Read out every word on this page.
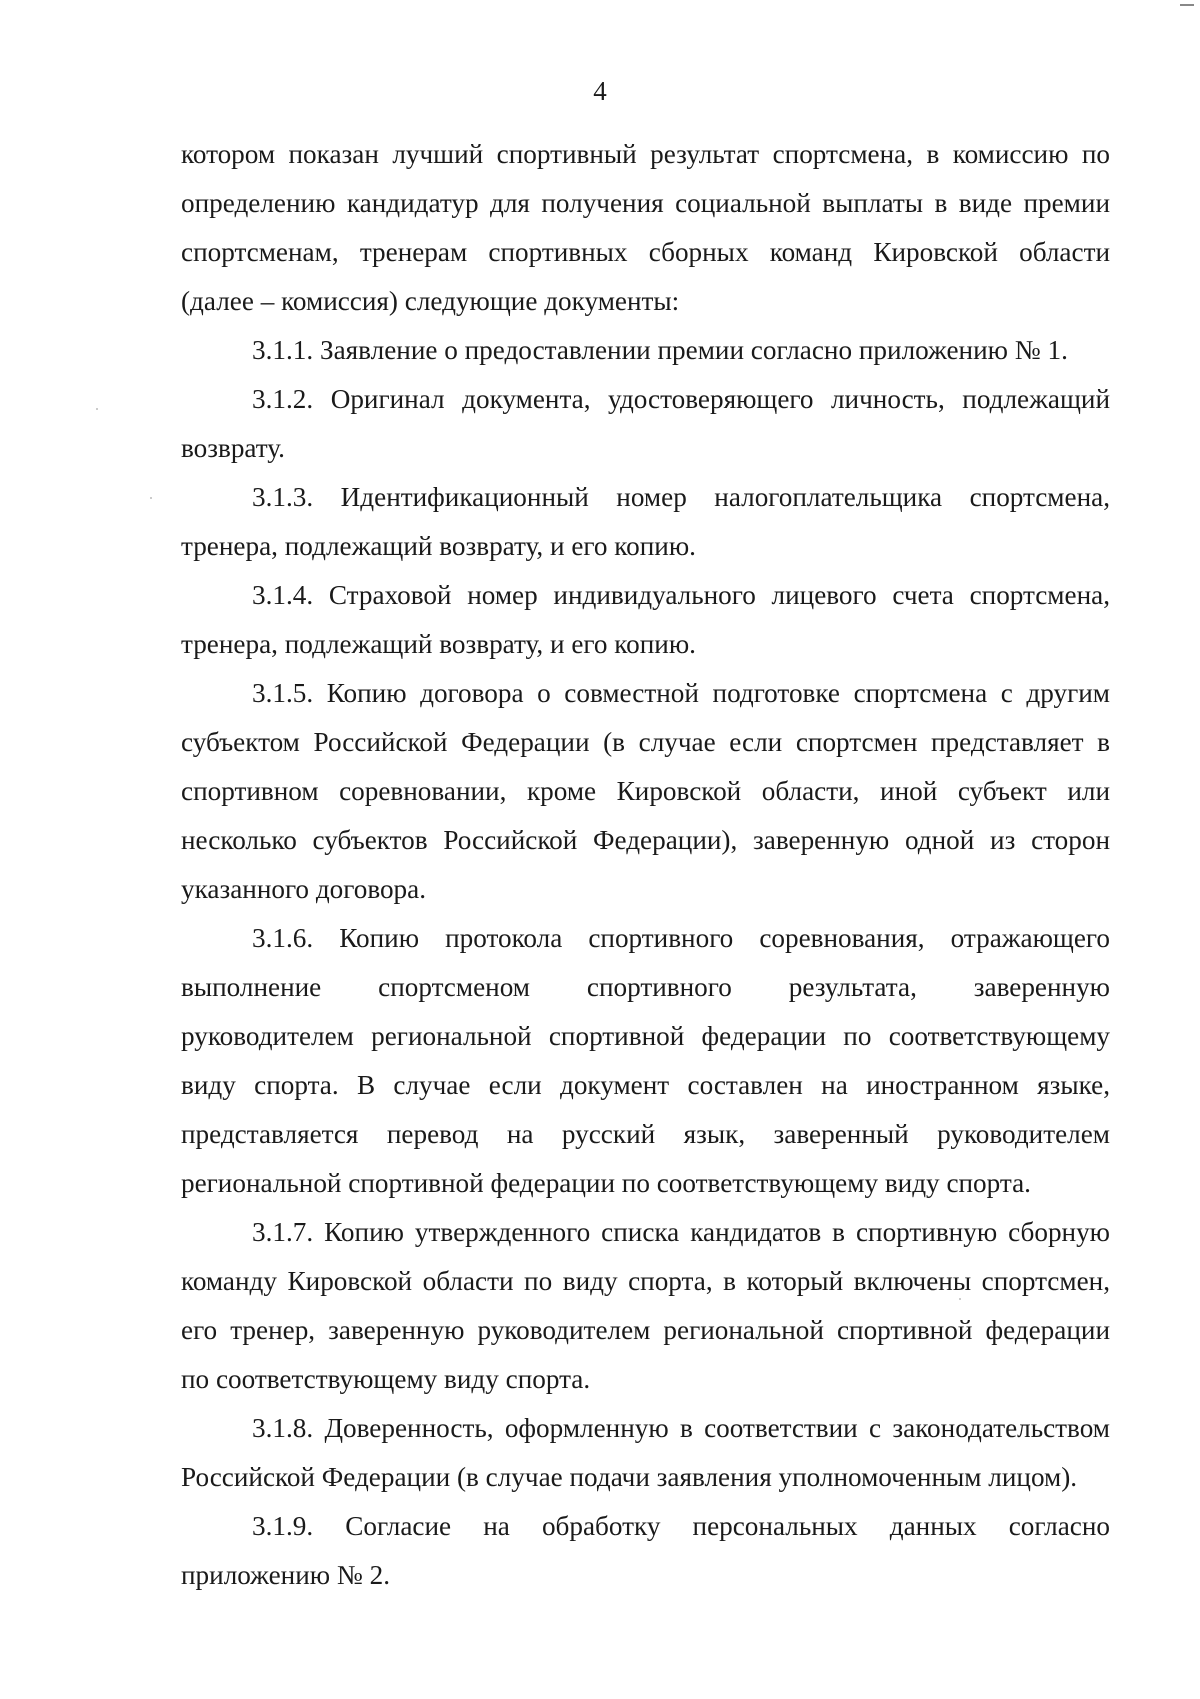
4
котором показан лучший спортивный результат спортсмена, в комиссию по
определению кандидатур для получения социальной выплаты в виде премии
спортсменам, тренерам спортивных сборных команд Кировской области
(далее – комиссия) следующие документы:
3.1.1. Заявление о предоставлении премии согласно приложению № 1.
3.1.2. Оригинал документа, удостоверяющего личность, подлежащий
возврату.
3.1.3. Идентификационный номер налогоплательщика спортсмена,
тренера, подлежащий возврату, и его копию.
3.1.4. Страховой номер индивидуального лицевого счета спортсмена,
тренера, подлежащий возврату, и его копию.
3.1.5. Копию договора о совместной подготовке спортсмена с другим
субъектом Российской Федерации (в случае если спортсмен представляет в
спортивном соревновании, кроме Кировской области, иной субъект или
несколько субъектов Российской Федерации), заверенную одной из сторон
указанного договора.
3.1.6. Копию протокола спортивного соревнования, отражающего
выполнение спортсменом спортивного результата, заверенную
руководителем региональной спортивной федерации по соответствующему
виду спорта. В случае если документ составлен на иностранном языке,
представляется перевод на русский язык, заверенный руководителем
региональной спортивной федерации по соответствующему виду спорта.
3.1.7. Копию утвержденного списка кандидатов в спортивную сборную
команду Кировской области по виду спорта, в который включены спортсмен,
его тренер, заверенную руководителем региональной спортивной федерации
по соответствующему виду спорта.
3.1.8. Доверенность, оформленную в соответствии с законодательством
Российской Федерации (в случае подачи заявления уполномоченным лицом).
3.1.9. Согласие на обработку персональных данных согласно
приложению № 2.
